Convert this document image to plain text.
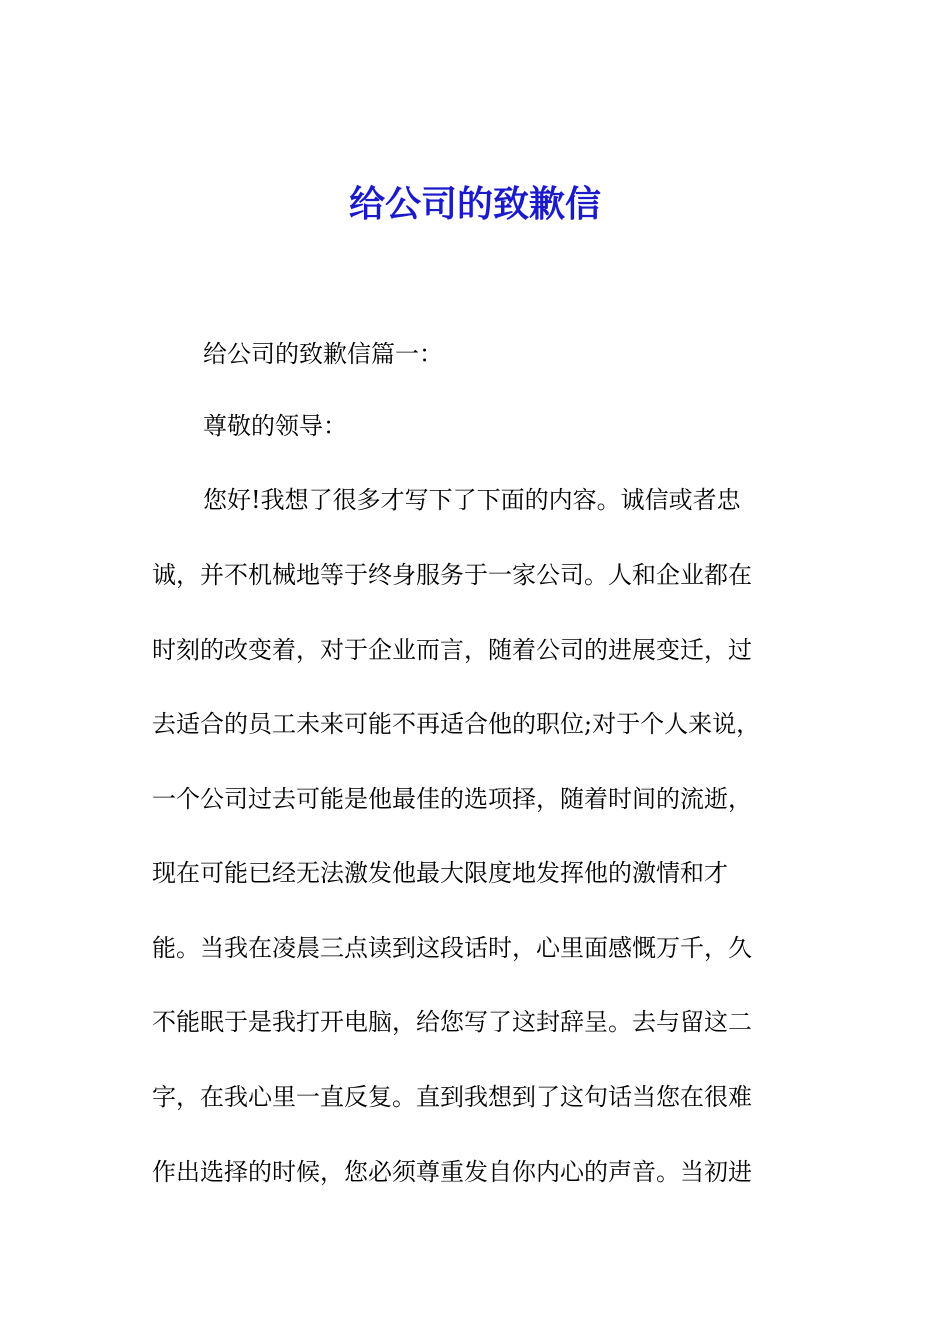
给公司的致歉信

给公司的致歉信篇一：

尊敬的领导：

您好!我想了很多才写下了下面的内容。诚信或者忠

诚，并不机械地等于终身服务于一家公司。人和企业都在

时刻的改变着，对于企业而言，随着公司的进展变迁，过

去适合的员工未来可能不再适合他的职位;对于个人来说，

一个公司过去可能是他最佳的选项择，随着时间的流逝，

现在可能已经无法激发他最大限度地发挥他的激情和才

能。当我在凌晨三点读到这段话时，心里面感慨万千，久

不能眠于是我打开电脑，给您写了这封辞呈。去与留这二

字，在我心里一直反复。直到我想到了这句话当您在很难

作出选择的时候，您必须尊重发自你内心的声音。当初进
